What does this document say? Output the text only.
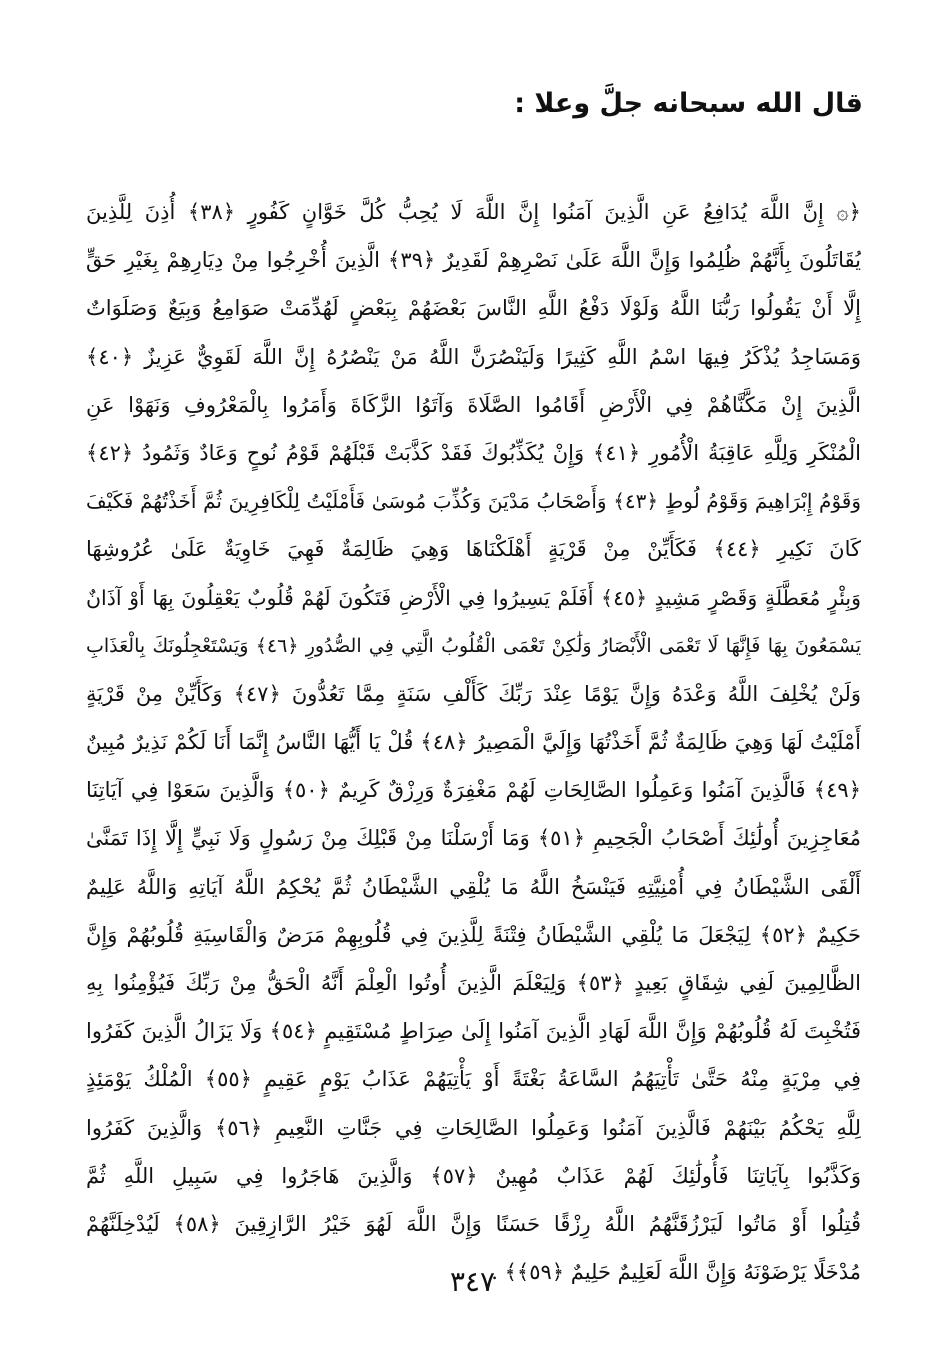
قال الله سبحانه جلَّ وعلا :
﴿۞ إِنَّ اللَّهَ يُدَافِعُ عَنِ الَّذِينَ آمَنُوا إِنَّ اللَّهَ لَا يُحِبُّ كُلَّ خَوَّانٍ كَفُورٍ ﴿٣٨﴾ أُذِنَ لِلَّذِينَ
يُقَاتَلُونَ بِأَنَّهُمْ ظُلِمُوا وَإِنَّ اللَّهَ عَلَىٰ نَصْرِهِمْ لَقَدِيرٌ ﴿٣٩﴾ الَّذِينَ أُخْرِجُوا مِنْ دِيَارِهِمْ بِغَيْرِ حَقٍّ
إِلَّا أَنْ يَقُولُوا رَبُّنَا اللَّهُ وَلَوْلَا دَفْعُ اللَّهِ النَّاسَ بَعْضَهُمْ بِبَعْضٍ لَهُدِّمَتْ صَوَامِعُ وَبِيَعٌ وَصَلَوَاتٌ
وَمَسَاجِدُ يُذْكَرُ فِيهَا اسْمُ اللَّهِ كَثِيرًا وَلَيَنْصُرَنَّ اللَّهُ مَنْ يَنْصُرُهُ إِنَّ اللَّهَ لَقَوِيٌّ عَزِيزٌ ﴿٤٠﴾
الَّذِينَ إِنْ مَكَّنَّاهُمْ فِي الْأَرْضِ أَقَامُوا الصَّلَاةَ وَآتَوُا الزَّكَاةَ وَأَمَرُوا بِالْمَعْرُوفِ وَنَهَوْا عَنِ
الْمُنْكَرِ وَلِلَّهِ عَاقِبَةُ الْأُمُورِ ﴿٤١﴾ وَإِنْ يُكَذِّبُوكَ فَقَدْ كَذَّبَتْ قَبْلَهُمْ قَوْمُ نُوحٍ وَعَادٌ وَثَمُودُ ﴿٤٢﴾
وَقَوْمُ إِبْرَاهِيمَ وَقَوْمُ لُوطٍ ﴿٤٣﴾ وَأَصْحَابُ مَدْيَنَ وَكُذِّبَ مُوسَىٰ فَأَمْلَيْتُ لِلْكَافِرِينَ ثُمَّ أَخَذْتُهُمْ فَكَيْفَ
كَانَ نَكِيرِ ﴿٤٤﴾ فَكَأَيِّنْ مِنْ قَرْيَةٍ أَهْلَكْنَاهَا وَهِيَ ظَالِمَةٌ فَهِيَ خَاوِيَةٌ عَلَىٰ عُرُوشِهَا
وَبِئْرٍ مُعَطَّلَةٍ وَقَصْرٍ مَشِيدٍ ﴿٤٥﴾ أَفَلَمْ يَسِيرُوا فِي الْأَرْضِ فَتَكُونَ لَهُمْ قُلُوبٌ يَعْقِلُونَ بِهَا أَوْ آذَانٌ
يَسْمَعُونَ بِهَا فَإِنَّهَا لَا تَعْمَى الْأَبْصَارُ وَلَٰكِنْ تَعْمَى الْقُلُوبُ الَّتِي فِي الصُّدُورِ ﴿٤٦﴾ وَيَسْتَعْجِلُونَكَ بِالْعَذَابِ
وَلَنْ يُخْلِفَ اللَّهُ وَعْدَهُ وَإِنَّ يَوْمًا عِنْدَ رَبِّكَ كَأَلْفِ سَنَةٍ مِمَّا تَعُدُّونَ ﴿٤٧﴾ وَكَأَيِّنْ مِنْ قَرْيَةٍ
أَمْلَيْتُ لَهَا وَهِيَ ظَالِمَةٌ ثُمَّ أَخَذْتُهَا وَإِلَيَّ الْمَصِيرُ ﴿٤٨﴾ قُلْ يَا أَيُّهَا النَّاسُ إِنَّمَا أَنَا لَكُمْ نَذِيرٌ مُبِينٌ
﴿٤٩﴾ فَالَّذِينَ آمَنُوا وَعَمِلُوا الصَّالِحَاتِ لَهُمْ مَغْفِرَةٌ وَرِزْقٌ كَرِيمٌ ﴿٥٠﴾ وَالَّذِينَ سَعَوْا فِي آيَاتِنَا
مُعَاجِزِينَ أُولَٰئِكَ أَصْحَابُ الْجَحِيمِ ﴿٥١﴾ وَمَا أَرْسَلْنَا مِنْ قَبْلِكَ مِنْ رَسُولٍ وَلَا نَبِيٍّ إِلَّا إِذَا تَمَنَّىٰ
أَلْقَى الشَّيْطَانُ فِي أُمْنِيَّتِهِ فَيَنْسَخُ اللَّهُ مَا يُلْقِي الشَّيْطَانُ ثُمَّ يُحْكِمُ اللَّهُ آيَاتِهِ وَاللَّهُ عَلِيمٌ
حَكِيمٌ ﴿٥٢﴾ لِيَجْعَلَ مَا يُلْقِي الشَّيْطَانُ فِتْنَةً لِلَّذِينَ فِي قُلُوبِهِمْ مَرَضٌ وَالْقَاسِيَةِ قُلُوبُهُمْ وَإِنَّ
الظَّالِمِينَ لَفِي شِقَاقٍ بَعِيدٍ ﴿٥٣﴾ وَلِيَعْلَمَ الَّذِينَ أُوتُوا الْعِلْمَ أَنَّهُ الْحَقُّ مِنْ رَبِّكَ فَيُؤْمِنُوا بِهِ
فَتُخْبِتَ لَهُ قُلُوبُهُمْ وَإِنَّ اللَّهَ لَهَادِ الَّذِينَ آمَنُوا إِلَىٰ صِرَاطٍ مُسْتَقِيمٍ ﴿٥٤﴾ وَلَا يَزَالُ الَّذِينَ كَفَرُوا
فِي مِرْيَةٍ مِنْهُ حَتَّىٰ تَأْتِيَهُمُ السَّاعَةُ بَغْتَةً أَوْ يَأْتِيَهُمْ عَذَابُ يَوْمٍ عَقِيمٍ ﴿٥٥﴾ الْمُلْكُ يَوْمَئِذٍ
لِلَّهِ يَحْكُمُ بَيْنَهُمْ فَالَّذِينَ آمَنُوا وَعَمِلُوا الصَّالِحَاتِ فِي جَنَّاتِ النَّعِيمِ ﴿٥٦﴾ وَالَّذِينَ كَفَرُوا
وَكَذَّبُوا بِآيَاتِنَا فَأُولَٰئِكَ لَهُمْ عَذَابٌ مُهِينٌ ﴿٥٧﴾ وَالَّذِينَ هَاجَرُوا فِي سَبِيلِ اللَّهِ ثُمَّ
قُتِلُوا أَوْ مَاتُوا لَيَرْزُقَنَّهُمُ اللَّهُ رِزْقًا حَسَنًا وَإِنَّ اللَّهَ لَهُوَ خَيْرُ الرَّازِقِينَ ﴿٥٨﴾ لَيُدْخِلَنَّهُمْ
مُدْخَلًا يَرْضَوْنَهُ وَإِنَّ اللَّهَ لَعَلِيمٌ حَلِيمٌ ﴿٥٩﴾﴾ .
٣٤٧
